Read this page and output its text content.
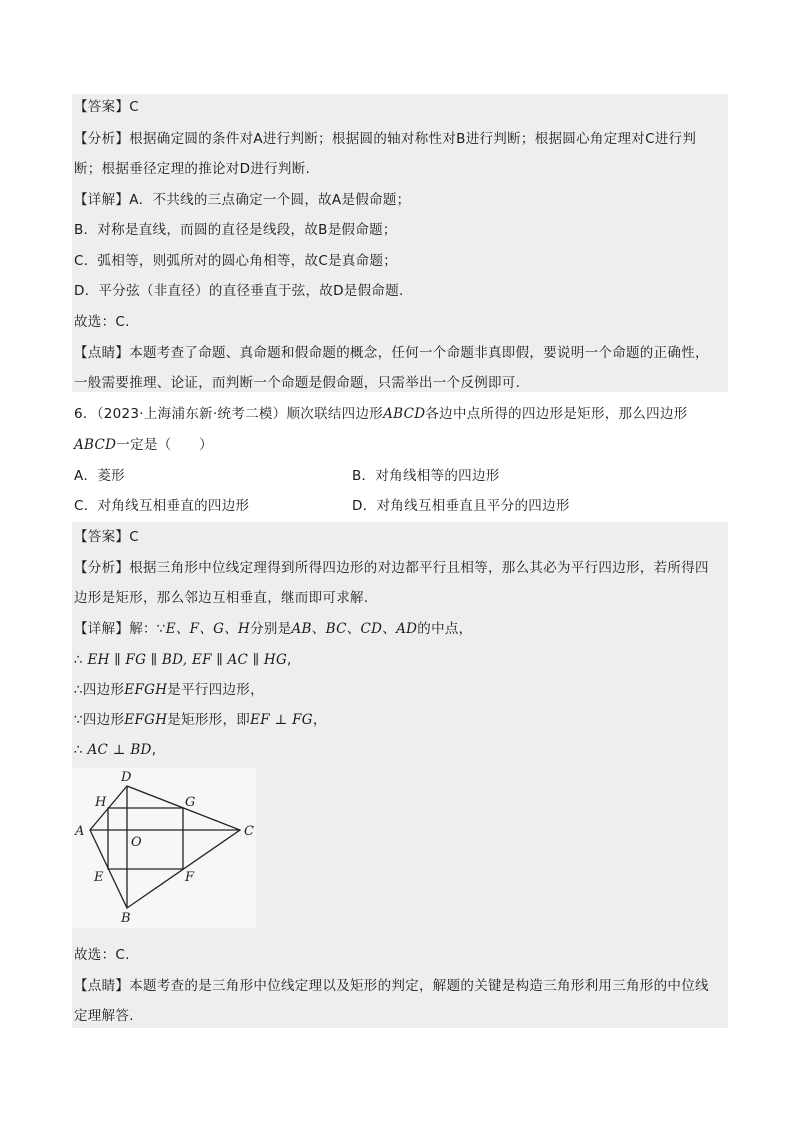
【答案】C
【分析】根据确定圆的条件对A进行判断；根据圆的轴对称性对B进行判断；根据圆心角定理对C进行判
断；根据垂径定理的推论对D进行判断.
【详解】A．不共线的三点确定一个圆，故A是假命题；
B．对称是直线，而圆的直径是线段，故B是假命题；
C．弧相等，则弧所对的圆心角相等，故C是真命题；
D．平分弦（非直径）的直径垂直于弦，故D是假命题.
故选：C.
【点睛】本题考查了命题、真命题和假命题的概念，任何一个命题非真即假，要说明一个命题的正确性，
一般需要推理、论证，而判断一个命题是假命题，只需举出一个反例即可.
6．（2023·上海浦东新·统考二模）顺次联结四边形ABCD各边中点所得的四边形是矩形，那么四边形
ABCD一定是（　　）
A．菱形	B．对角线相等的四边形
C．对角线互相垂直的四边形	D．对角线互相垂直且平分的四边形
【答案】C
【分析】根据三角形中位线定理得到所得四边形的对边都平行且相等，那么其必为平行四边形，若所得四
边形是矩形，那么邻边互相垂直，继而即可求解.
【详解】解：∵E、F、G、H分别是AB、BC、CD、AD的中点，
∴ EH ∥ FG ∥ BD, EF ∥ AC ∥ HG,
∴四边形EFGH是平行四边形，
∵四边形EFGH是矩形形，即EF ⊥ FG，
∴ AC ⊥ BD,
D
H	G
A	C
O
E	F
B
故选：C.
【点睛】本题考查的是三角形中位线定理以及矩形的判定，解题的关键是构造三角形利用三角形的中位线
定理解答.
